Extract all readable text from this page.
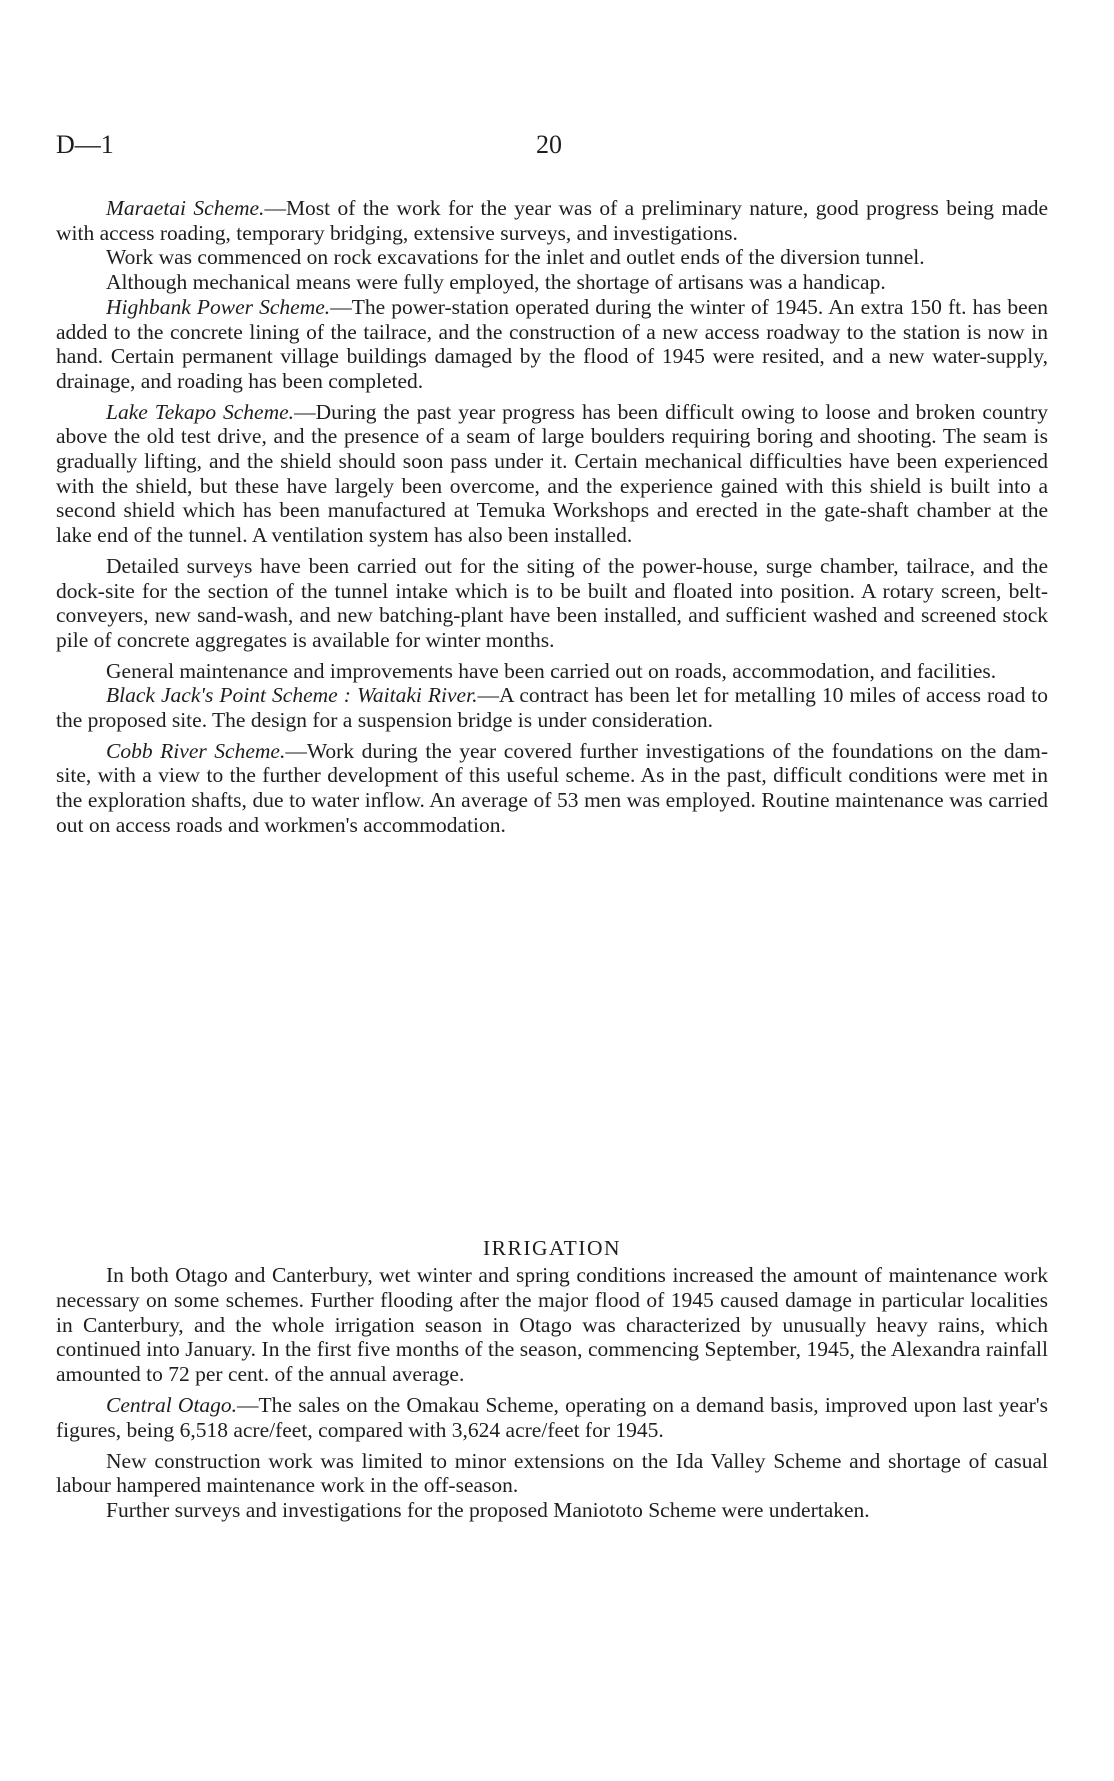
D—1	20

Maraetai Scheme.—Most of the work for the year was of a preliminary nature, good progress being made with access roading, temporary bridging, extensive surveys, and investigations.

Work was commenced on rock excavations for the inlet and outlet ends of the diversion tunnel.

Although mechanical means were fully employed, the shortage of artisans was a handicap.

Highbank Power Scheme.—The power-station operated during the winter of 1945. An extra 150 ft. has been added to the concrete lining of the tailrace, and the construction of a new access roadway to the station is now in hand. Certain permanent village buildings damaged by the flood of 1945 were resited, and a new water-supply, drainage, and roading has been completed.

Lake Tekapo Scheme.—During the past year progress has been difficult owing to loose and broken country above the old test drive, and the presence of a seam of large boulders requiring boring and shooting. The seam is gradually lifting, and the shield should soon pass under it. Certain mechanical difficulties have been experienced with the shield, but these have largely been overcome, and the experience gained with this shield is built into a second shield which has been manufactured at Temuka Workshops and erected in the gate-shaft chamber at the lake end of the tunnel. A ventilation system has also been installed.

Detailed surveys have been carried out for the siting of the power-house, surge chamber, tailrace, and the dock-site for the section of the tunnel intake which is to be built and floated into position. A rotary screen, belt-conveyers, new sand-wash, and new batching-plant have been installed, and sufficient washed and screened stock pile of concrete aggregates is available for winter months.

General maintenance and improvements have been carried out on roads, accommodation, and facilities.

Black Jack's Point Scheme : Waitaki River.—A contract has been let for metalling 10 miles of access road to the proposed site. The design for a suspension bridge is under consideration.

Cobb River Scheme.—Work during the year covered further investigations of the foundations on the dam-site, with a view to the further development of this useful scheme. As in the past, difficult conditions were met in the exploration shafts, due to water inflow. An average of 53 men was employed. Routine maintenance was carried out on access roads and workmen's accommodation.

IRRIGATION

In both Otago and Canterbury, wet winter and spring conditions increased the amount of maintenance work necessary on some schemes. Further flooding after the major flood of 1945 caused damage in particular localities in Canterbury, and the whole irrigation season in Otago was characterized by unusually heavy rains, which continued into January. In the first five months of the season, commencing September, 1945, the Alexandra rainfall amounted to 72 per cent. of the annual average.

Central Otago.—The sales on the Omakau Scheme, operating on a demand basis, improved upon last year's figures, being 6,518 acre/feet, compared with 3,624 acre/feet for 1945.

New construction work was limited to minor extensions on the Ida Valley Scheme and shortage of casual labour hampered maintenance work in the off-season.

Further surveys and investigations for the proposed Maniototo Scheme were undertaken.
